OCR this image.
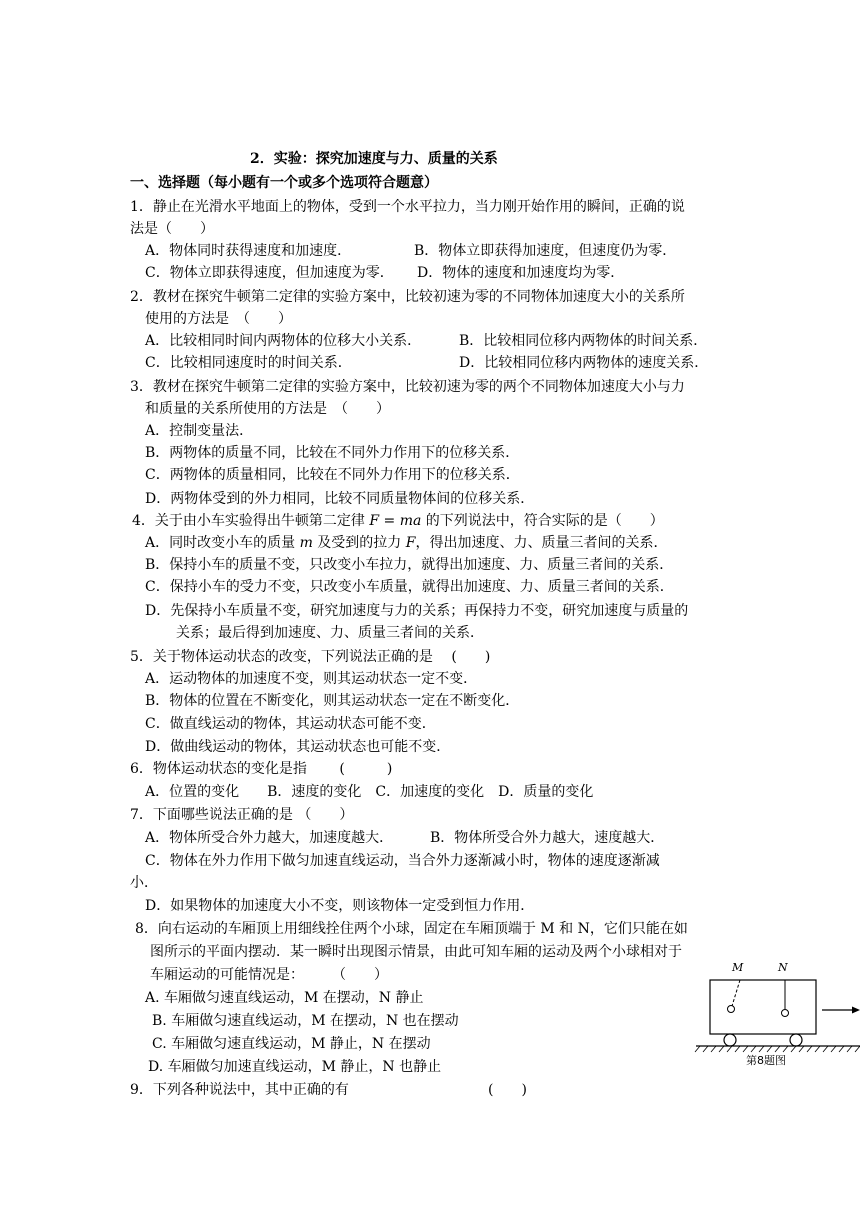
2．实验：探究加速度与力、质量的关系
一、选择题（每小题有一个或多个选项符合题意）
1．静止在光滑水平地面上的物体，受到一个水平拉力，当力刚开始作用的瞬间，正确的说
法是（　　）
A．物体同时获得速度和加速度．	B．物体立即获得加速度，但速度仍为零．
C．物体立即获得速度，但加速度为零． D．物体的速度和加速度均为零．
2．教材在探究牛顿第二定律的实验方案中，比较初速为零的不同物体加速度大小的关系所
使用的方法是　（　　）
A．比较相同时间内两物体的位移大小关系．	B．比较相同位移内两物体的时间关系．
C．比较相同速度时的时间关系．	D．比较相同位移内两物体的速度关系．
3．教材在探究牛顿第二定律的实验方案中，比较初速为零的两个不同物体加速度大小与力
和质量的关系所使用的方法是　（　　）
A．控制变量法．
B．两物体的质量不同，比较在不同外力作用下的位移关系．
C．两物体的质量相同，比较在不同外力作用下的位移关系．
D．两物体受到的外力相同，比较不同质量物体间的位移关系．
4．关于由小车实验得出牛顿第二定律 F = ma 的下列说法中，符合实际的是（　　）
A．同时改变小车的质量 m 及受到的拉力 F，得出加速度、力、质量三者间的关系．
B．保持小车的质量不变，只改变小车拉力，就得出加速度、力、质量三者间的关系．
C．保持小车的受力不变，只改变小车质量，就得出加速度、力、质量三者间的关系．
D．先保持小车质量不变，研究加速度与力的关系；再保持力不变，研究加速度与质量的
关系；最后得到加速度、力、质量三者间的关系．
5．关于物体运动状态的改变，下列说法正确的是　 (　　)
A．运动物体的加速度不变，则其运动状态一定不变．
B．物体的位置在不断变化，则其运动状态一定在不断变化．
C．做直线运动的物体，其运动状态可能不变．
D．做曲线运动的物体，其运动状态也可能不变．
6．物体运动状态的变化是指　　 (　　　)
A．位置的变化　　B．速度的变化　C．加速度的变化　D．质量的变化
7．下面哪些说法正确的是 （　　）
A．物体所受合外力越大，加速度越大．	B．物体所受合外力越大，速度越大．
C．物体在外力作用下做匀加速直线运动，当合外力逐渐减小时，物体的速度逐渐减
小．
D．如果物体的加速度大小不变，则该物体一定受到恒力作用．
8．向右运动的车厢顶上用细线拴住两个小球，固定在车厢顶端于 M 和 N，它们只能在如
图所示的平面内摆动．某一瞬时出现图示情景，由此可知车厢的运动及两个小球相对于
车厢运动的可能情况是：　　　（　　）
A. 车厢做匀速直线运动，M 在摆动，N 静止
B. 车厢做匀速直线运动，M 在摆动，N 也在摆动
C. 车厢做匀速直线运动，M 静止，N 在摆动
D. 车厢做匀加速直线运动，M 静止，N 也静止
M	N
第8题图
9．下列各种说法中，其中正确的有	(　　)
